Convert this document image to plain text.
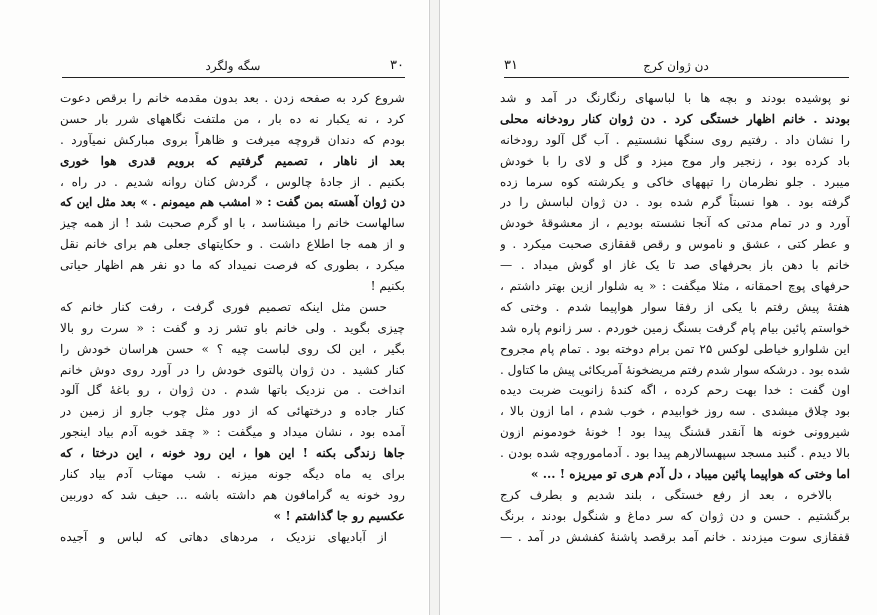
۳۰
سگه ولگرد
شروع کرد به صفحه زدن . بعد بدون مقدمه خانم را برقص دعوت
کرد ، نه یکبار نه ده بار ، من ملتفت نگاههای شرر بار حسن
بودم که دندان قروچه میرفت و ظاهراً بروی مبارکش نمیآورد .
بعد از ناهار ، تصمیم گرفتیم که برویم قدری هوا خوری
بکنیم . از جادهٔ چالوس ، گردش کنان روانه شدیم . در راه ،
دن ژوان آهسته بمن گفت : « امشب هم میمونم . » بعد مثل این که
سالهاست خانم را میشناسد ، با او گرم صحبت شد ! از همه چیز
و از همه جا اطلاع داشت . و حکایتهای جعلی هم برای خانم نقل
میکرد ، بطوری که فرصت نمیداد که ما دو نفر هم اظهار حیاتی
بکنیم !
حسن مثل اینکه تصمیم فوری گرفت ، رفت کنار خانم که
چیزی بگوید . ولی خانم باو تشر زد و گفت : « سرت رو بالا
بگیر ، این لک روی لباست چیه ؟ » حسن هراسان خودش را
کنار کشید . دن ژوان پالتوی خودش را در آورد روی دوش خانم
انداخت . من نزدیک باتها شدم . دن ژوان ، رو باغهٔ گل آلود
کنار جاده و درختهائی که از دور مثل چوب جارو از زمین در
آمده بود ، نشان میداد و میگفت : « چقد خوبه آدم بیاد اینجور
جاها زندگی بکنه ! این هوا ، این رود خونه ، این درختا ، که
برای یه ماه دیگه جونه میزنه . شب مهتاب آدم بیاد کنار
رود خونه یه گرامافون هم داشته باشه ... حیف شد که دوربین
عکسیم رو جا گذاشتم ! »
از آبادیهای نزدیک ، مردهای دهاتی که لباس و آجیده
۳۱	دن ژوان کرج
نو پوشیده بودند و بچه ها با لباسهای رنگارنگ در آمد و شد
بودند . خانم اظهار خستگی کرد . دن ژوان کنار رودخانه محلی
را نشان داد . رفتیم روی سنگها نشستیم . آب گل آلود رودخانه
باد کرده بود ، زنجیر وار موج میزد و گل و لای را با خودش
میبرد . جلو نظرمان را تپههای خاکی و یکرشته کوه سرما زده
گرفته بود . هوا نسبتاً گرم شده بود . دن ژوان لباسش را در
آورد و در تمام مدتی که آنجا نشسته بودیم ، از معشوقهٔ خودش
و عطر کتی ، عشق و ناموس و رقص قفقازی صحبت میکرد . و
خانم با دهن باز بحرفهای صد تا یک غاز او گوش میداد . —
حرفهای پوچ احمقانه ، مثلا میگفت : « یه شلوار ازین بهتر داشتم ،
هفتهٔ پیش رفتم با یکی از رفقا سوار هواپیما شدم . وختی که
خواستم پائین بیام پام گرفت بسنگ زمین خوردم . سر زانوم پاره شد
این شلوارو خیاطی لوکس ۲۵ تمن برام دوخته بود . تمام پام مجروح
شده بود . درشکه سوار شدم رفتم مریضخونهٔ آمریکائی پیش ما کتاول .
اون گفت : خدا بهت رحم کرده ، اگه کندهٔ زانویت ضربت دیده
بود چلاق میشدی . سه روز خوابیدم ، خوب شدم ، اما ازون بالا ،
شیروونی خونه ها آنقدر قشنگ پیدا بود ! خونهٔ خودمونم ازون
بالا دیدم . گنبد مسجد سپهسالارهم پیدا بود . آدماموروچه شده بودن .
اما وختی که هواپیما پائین میباد ، دل آدم هری تو میریزه ! ... »
بالاخره ، بعد از رفع خستگی ، بلند شدیم و بطرف کرج
برگشتیم . حسن و دن ژوان که سر دماغ و شنگول بودند ، برنگ
قفقازی سوت میزدند . خانم آمد برقصد پاشنهٔ کفشش در آمد . —
